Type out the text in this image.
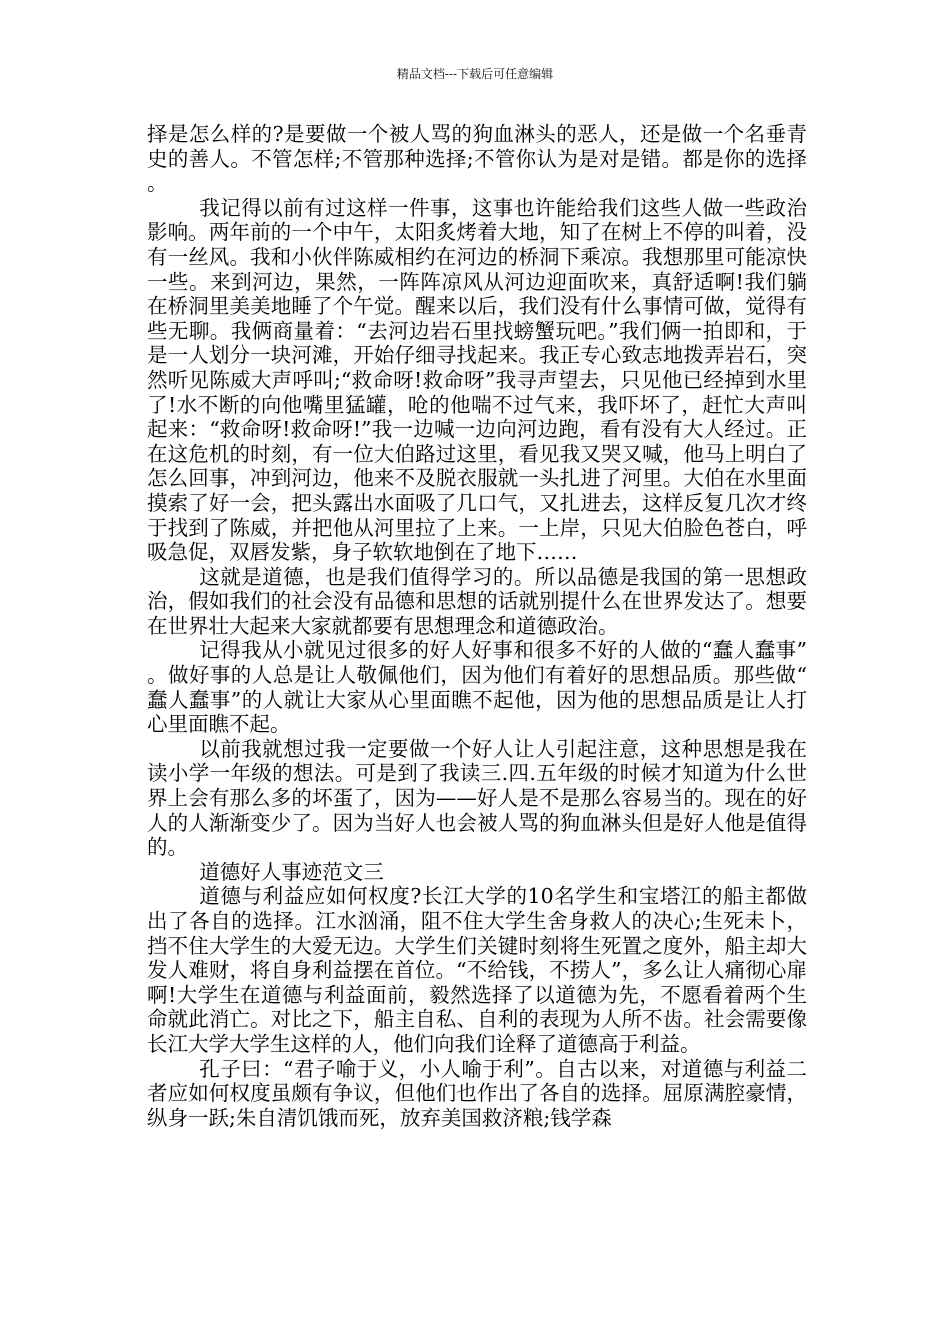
精品文档---下载后可任意编辑

择是怎么样的?是要做一个被人骂的狗血淋头的恶人，还是做一个名垂青史的善人。不管怎样;不管那种选择;不管你认为是对是错。都是你的选择。

我记得以前有过这样一件事，这事也许能给我们这些人做一些政治影响。两年前的一个中午，太阳炙烤着大地，知了在树上不停的叫着，没有一丝风。我和小伙伴陈威相约在河边的桥洞下乘凉。我想那里可能凉快一些。来到河边，果然，一阵阵凉风从河边迎面吹来，真舒适啊!我们躺在桥洞里美美地睡了个午觉。醒来以后，我们没有什么事情可做，觉得有些无聊。我俩商量着：“去河边岩石里找螃蟹玩吧。”我们俩一拍即和，于是一人划分一块河滩，开始仔细寻找起来。我正专心致志地拨弄岩石，突然听见陈威大声呼叫;“救命呀!救命呀”我寻声望去，只见他已经掉到水里了!水不断的向他嘴里猛罐，呛的他喘不过气来，我吓坏了，赶忙大声叫起来：“救命呀!救命呀!”我一边喊一边向河边跑，看有没有大人经过。正在这危机的时刻，有一位大伯路过这里，看见我又哭又喊，他马上明白了怎么回事，冲到河边，他来不及脱衣服就一头扎进了河里。大伯在水里面摸索了好一会，把头露出水面吸了几口气，又扎进去，这样反复几次才终于找到了陈威，并把他从河里拉了上来。一上岸，只见大伯脸色苍白，呼吸急促，双唇发紫，身子软软地倒在了地下……

这就是道德，也是我们值得学习的。所以品德是我国的第一思想政治，假如我们的社会没有品德和思想的话就别提什么在世界发达了。想要在世界壮大起来大家就都要有思想理念和道德政治。

记得我从小就见过很多的好人好事和很多不好的人做的“蠢人蠢事”。做好事的人总是让人敬佩他们，因为他们有着好的思想品质。那些做“蠢人蠢事”的人就让大家从心里面瞧不起他，因为他的思想品质是让人打心里面瞧不起。

以前我就想过我一定要做一个好人让人引起注意，这种思想是我在读小学一年级的想法。可是到了我读三.四.五年级的时候才知道为什么世界上会有那么多的坏蛋了，因为——好人是不是那么容易当的。现在的好人的人渐渐变少了。因为当好人也会被人骂的狗血淋头但是好人他是值得的。

道德好人事迹范文三

道德与利益应如何权度?长江大学的10名学生和宝塔江的船主都做出了各自的选择。江水汹涌，阻不住大学生舍身救人的决心;生死未卜，挡不住大学生的大爱无边。大学生们关键时刻将生死置之度外，船主却大发人难财，将自身利益摆在首位。“不给钱，不捞人”，多么让人痛彻心扉啊!大学生在道德与利益面前，毅然选择了以道德为先，不愿看着两个生命就此消亡。对比之下，船主自私、自利的表现为人所不齿。社会需要像长江大学大学生这样的人，他们向我们诠释了道德高于利益。

孔子曰：“君子喻于义，小人喻于利”。自古以来，对道德与利益二者应如何权度虽颇有争议，但他们也作出了各自的选择。屈原满腔豪情，纵身一跃;朱自清饥饿而死，放弃美国救济粮;钱学森
